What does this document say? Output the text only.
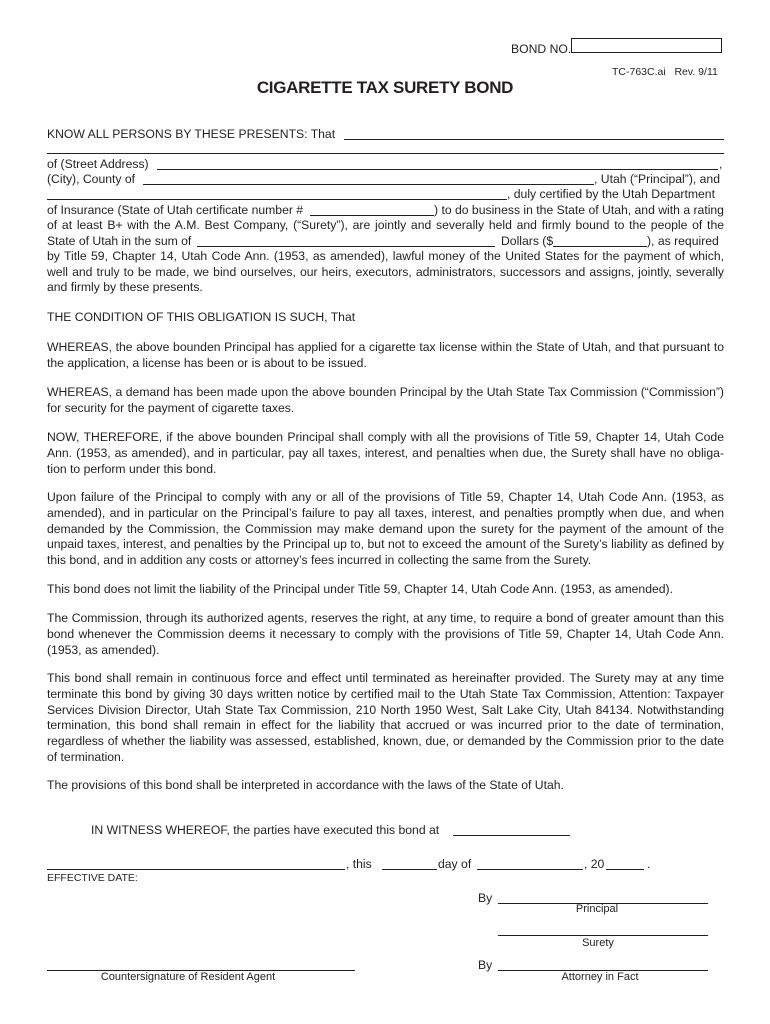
BOND NO.
TC-763C.ai Rev. 9/11
CIGARETTE TAX SURETY BOND
KNOW ALL PERSONS BY THESE PRESENTS: That
of (Street Address)	,
(City), County of	, Utah (“Principal”), and
, duly certified by the Utah Department
of Insurance (State of Utah certificate number #	) to do business in the State of Utah, and with a rating
of at least B+ with the A.M. Best Company, (“Surety”), are jointly and severally held and firmly bound to the people of the
State of Utah in the sum of	Dollars ($	), as required
by Title 59, Chapter 14, Utah Code Ann. (1953, as amended), lawful money of the United States for the payment of which,
well and truly to be made, we bind ourselves, our heirs, executors, administrators, successors and assigns, jointly, severally
and firmly by these presents.
THE CONDITION OF THIS OBLIGATION IS SUCH, That
WHEREAS, the above bounden Principal has applied for a cigarette tax license within the State of Utah, and that pursuant to the application, a license has been or is about to be issued.
WHEREAS, a demand has been made upon the above bounden Principal by the Utah State Tax Commission (“Commission”) for security for the payment of cigarette taxes.
NOW, THEREFORE, if the above bounden Principal shall comply with all the provisions of Title 59, Chapter 14, Utah Code Ann. (1953, as amended), and in particular, pay all taxes, interest, and penalties when due, the Surety shall have no obliga-tion to perform under this bond.
Upon failure of the Principal to comply with any or all of the provisions of Title 59, Chapter 14, Utah Code Ann. (1953, as amended), and in particular on the Principal’s failure to pay all taxes, interest, and penalties promptly when due, and when demanded by the Commission, the Commission may make demand upon the surety for the payment of the amount of the unpaid taxes, interest, and penalties by the Principal up to, but not to exceed the amount of the Surety’s liability as defined by this bond, and in addition any costs or attorney’s fees incurred in collecting the same from the Surety.
This bond does not limit the liability of the Principal under Title 59, Chapter 14, Utah Code Ann. (1953, as amended).
The Commission, through its authorized agents, reserves the right, at any time, to require a bond of greater amount than this bond whenever the Commission deems it necessary to comply with the provisions of Title 59, Chapter 14, Utah Code Ann. (1953, as amended).
This bond shall remain in continuous force and effect until terminated as hereinafter provided. The Surety may at any time terminate this bond by giving 30 days written notice by certified mail to the Utah State Tax Commission, Attention: Taxpayer Services Division Director, Utah State Tax Commission, 210 North 1950 West, Salt Lake City, Utah 84134. Notwithstanding termination, this bond shall remain in effect for the liability that accrued or was incurred prior to the date of termination, regardless of whether the liability was assessed, established, known, due, or demanded by the Commission prior to the date of termination.
The provisions of this bond shall be interpreted in accordance with the laws of the State of Utah.
IN WITNESS WHEREOF, the parties have executed this bond at
, this	day of	, 20	.
EFFECTIVE DATE:
By
Principal
Surety
Countersignature of Resident Agent
By
Attorney in Fact
